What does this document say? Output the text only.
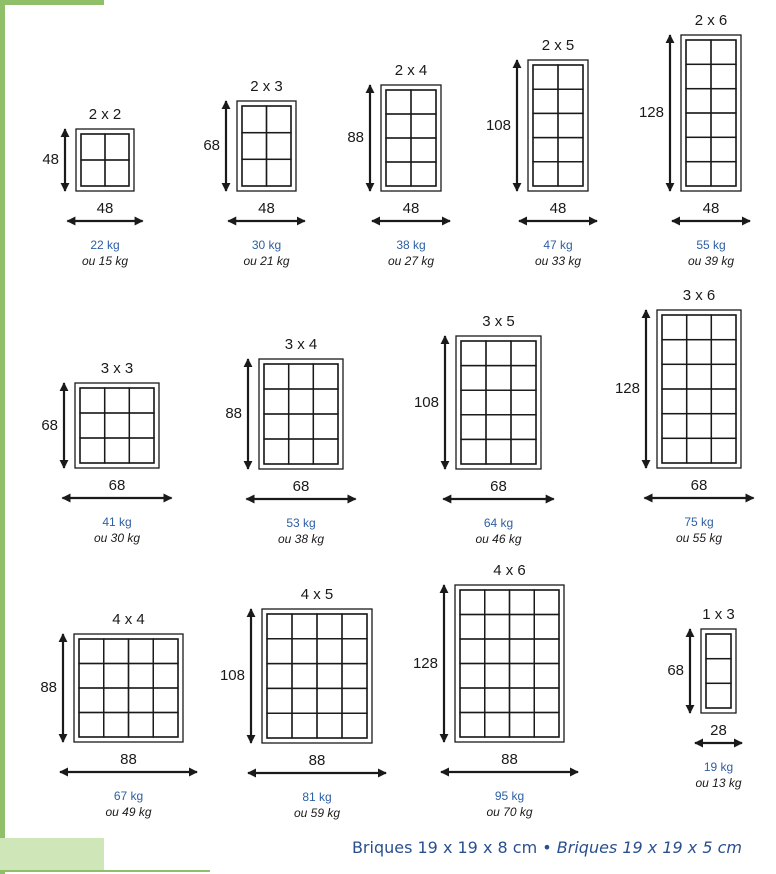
2 x 2
48
48
22 kg
ou 15 kg
2 x 3
68
48
30 kg
ou 21 kg
2 x 4
88
48
38 kg
ou 27 kg
2 x 5
108
48
47 kg
ou 33 kg
2 x 6
128
48
55 kg
ou 39 kg
3 x 3
68
68
41 kg
ou 30 kg
3 x 4
88
68
53 kg
ou 38 kg
3 x 5
108
68
64 kg
ou 46 kg
3 x 6
128
68
75 kg
ou 55 kg
4 x 4
88
88
67 kg
ou 49 kg
4 x 5
108
88
81 kg
ou 59 kg
4 x 6
128
88
95 kg
ou 70 kg
1 x 3
68
28
19 kg
ou 13 kg
Briques 19 x 19 x 8 cm • Briques 19 x 19 x 5 cm
